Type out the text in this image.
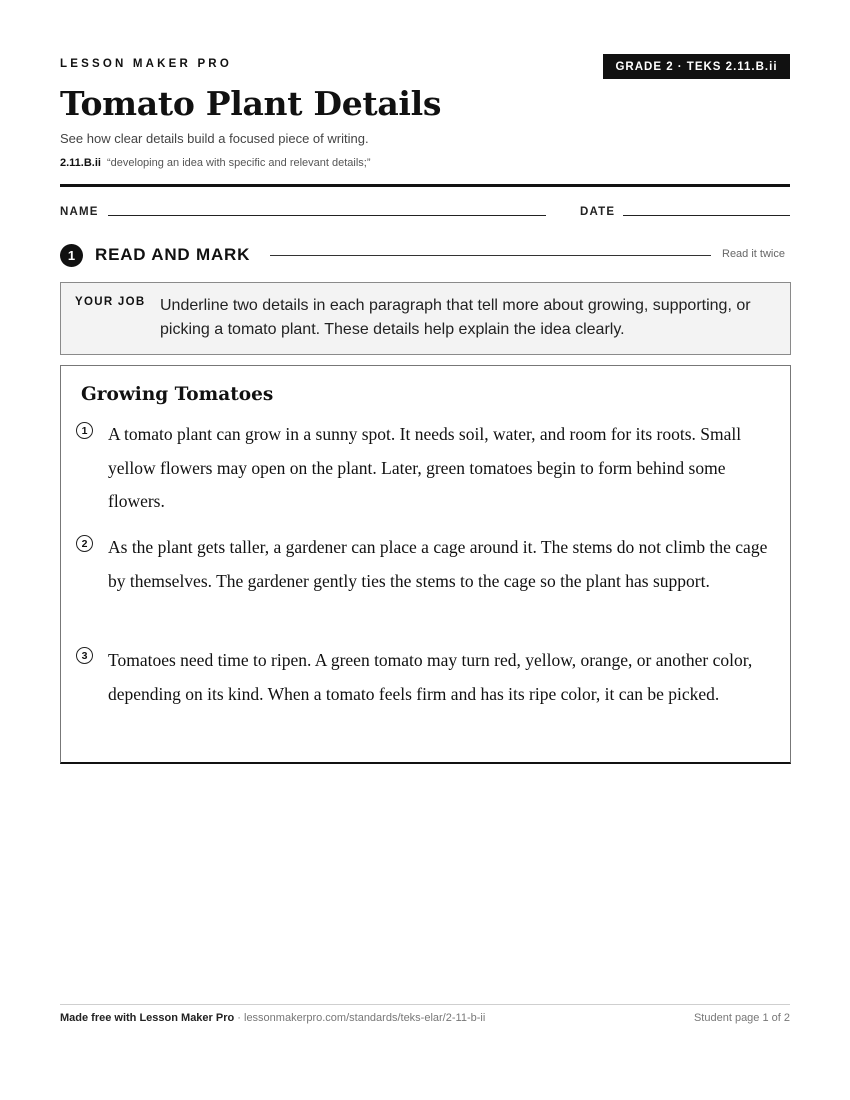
LESSON MAKER PRO	GRADE 2 · TEKS 2.11.B.ii
Tomato Plant Details
See how clear details build a focused piece of writing.
2.11.B.ii “developing an idea with specific and relevant details;”
NAME	DATE
1	READ AND MARK	Read it twice
YOUR JOB Underline two details in each paragraph that tell more about growing, supporting, or picking a tomato plant. These details help explain the idea clearly.
Growing Tomatoes
1	A tomato plant can grow in a sunny spot. It needs soil, water, and room for its roots. Small yellow flowers may open on the plant. Later, green tomatoes begin to form behind some flowers.
2	As the plant gets taller, a gardener can place a cage around it. The stems do not climb the cage by themselves. The gardener gently ties the stems to the cage so the plant has support.
3	Tomatoes need time to ripen. A green tomato may turn red, yellow, orange, or another color, depending on its kind. When a tomato feels firm and has its ripe color, it can be picked.
Made free with Lesson Maker Pro · lessonmakerpro.com/standards/teks-elar/2-11-b-ii	Student page 1 of 2
